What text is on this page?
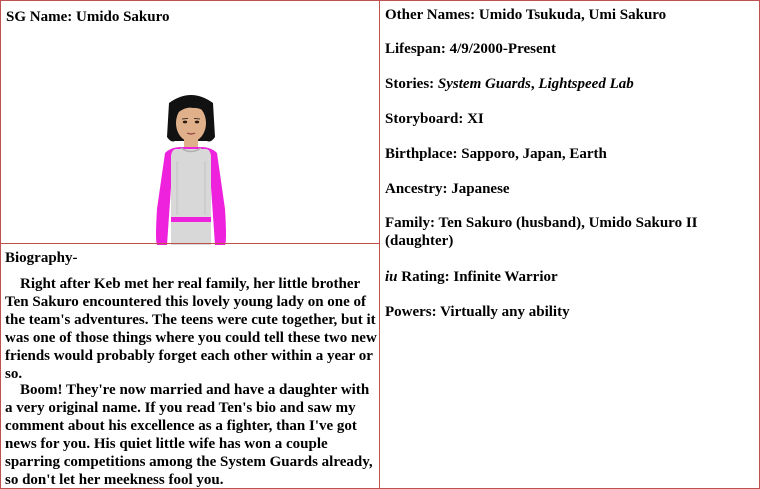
SG Name: Umido Sakuro
Biography-

Right after Keb met her real family, her little brother Ten Sakuro encountered this lovely young lady on one of the team's adventures. The teens were cute together, but it was one of those things where you could tell these two new friends would probably forget each other within a year or so.

Boom! They're now married and have a daughter with a very original name. If you read Ten's bio and saw my comment about his excellence as a fighter, than I've got news for you. His quiet little wife has won a couple sparring competitions among the System Guards already, so don't let her meekness fool you.

Other Names: Umido Tsukuda, Umi Sakuro

Lifespan: 4/9/2000-Present

Stories: System Guards, Lightspeed Lab

Storyboard: XI

Birthplace: Sapporo, Japan, Earth

Ancestry: Japanese

Family: Ten Sakuro (husband), Umido Sakuro II (daughter)

iu Rating: Infinite Warrior

Powers: Virtually any ability
